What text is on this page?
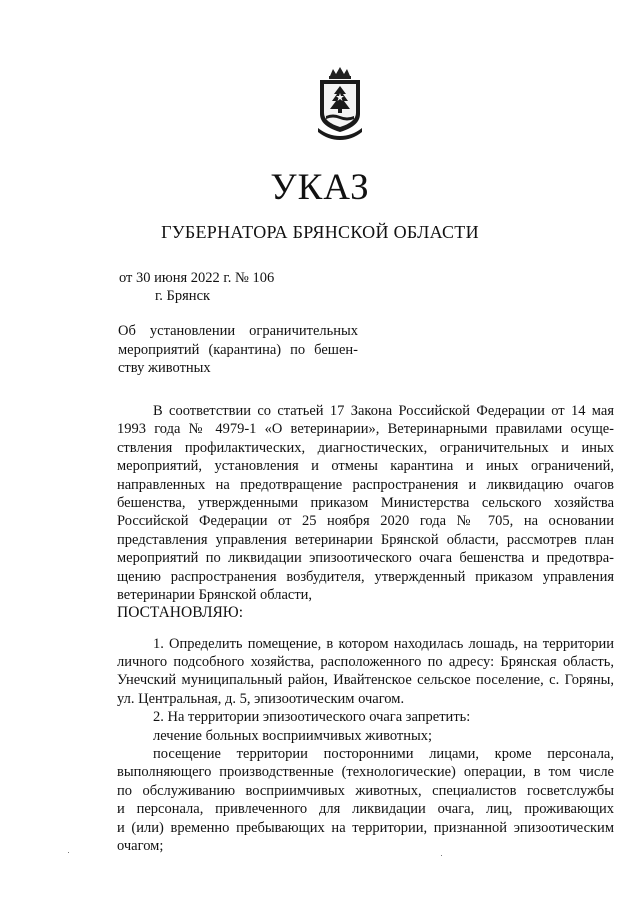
УКАЗ
ГУБЕРНАТОРА БРЯНСКОЙ ОБЛАСТИ
от 30 июня 2022 г. № 106
г. Брянск
Об установлении ограничительных
мероприятий (карантина) по бешен-
ству животных
В соответствии со статьей 17 Закона Российской Федерации от 14 мая
1993 года № 4979-1 «О ветеринарии», Ветеринарными правилами осуще-
ствления профилактических, диагностических, ограничительных и иных
мероприятий, установления и отмены карантина и иных ограничений,
направленных на предотвращение распространения и ликвидацию очагов
бешенства, утвержденными приказом Министерства сельского хозяйства
Российской Федерации от 25 ноября 2020 года № 705, на основании
представления управления ветеринарии Брянской области, рассмотрев план
мероприятий по ликвидации эпизоотического очага бешенства и предотвра-
щению распространения возбудителя, утвержденный приказом управления
ветеринарии Брянской области,
ПОСТАНОВЛЯЮ:
1. Определить помещение, в котором находилась лошадь, на территории
личного подсобного хозяйства, расположенного по адресу: Брянская область,
Унечский муниципальный район, Ивайтенское сельское поселение, с. Горяны,
ул. Центральная, д. 5, эпизоотическим очагом.
2. На территории эпизоотического очага запретить:
лечение больных восприимчивых животных;
посещение территории посторонними лицами, кроме персонала,
выполняющего производственные (технологические) операции, в том числе
по обслуживанию восприимчивых животных, специалистов госветслужбы
и персонала, привлеченного для ликвидации очага, лиц, проживающих
и (или) временно пребывающих на территории, признанной эпизоотическим
очагом;
